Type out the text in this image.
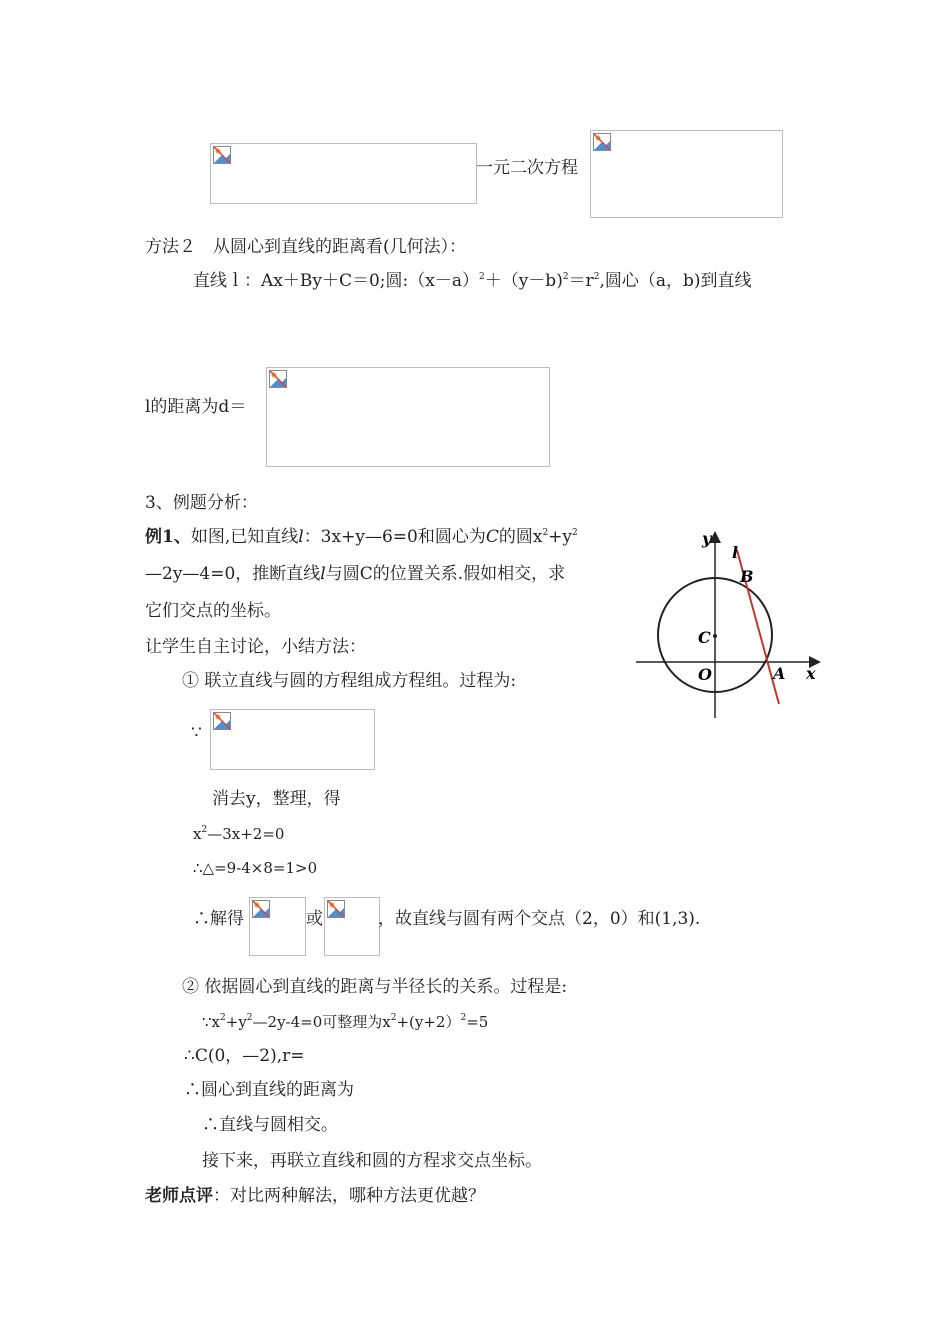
一元二次方程
方法２　从圆心到直线的距离看(几何法）：
直线ｌ：Ax＋By＋C＝0;圆$:(x-a)^2+(y-b)^2=r^2$,圆心（a，b)到直线
l的距离为d＝
3、例题分析：
例1、如图,已知直线l：3x+y—6=0和圆心为C的圆$x^2+y^2$
—2y—4=0，推断直线l与圆C的位置关系.假如相交，求
它们交点的坐标。
让学生自主讨论，小结方法：
y
x
l
B
C
O	A
① 联立直线与圆的方程组成方程组。过程为:
∵
消去y，整理，得
$x^2—3x+2=0$
∴△=9-4×8=1>0
∴解得	或	，故直线与圆有两个交点（2，0）和(1,3).
② 依据圆心到直线的距离与半径长的关系。过程是:
$\because x^2+y^2—2y-4=0$可整理为$x^2+(y+2)^2=5$
∴C(0，—2),r=
∴圆心到直线的距离为
∴直线与圆相交。
接下来，再联立直线和圆的方程求交点坐标。
老师点评：对比两种解法，哪种方法更优越？
